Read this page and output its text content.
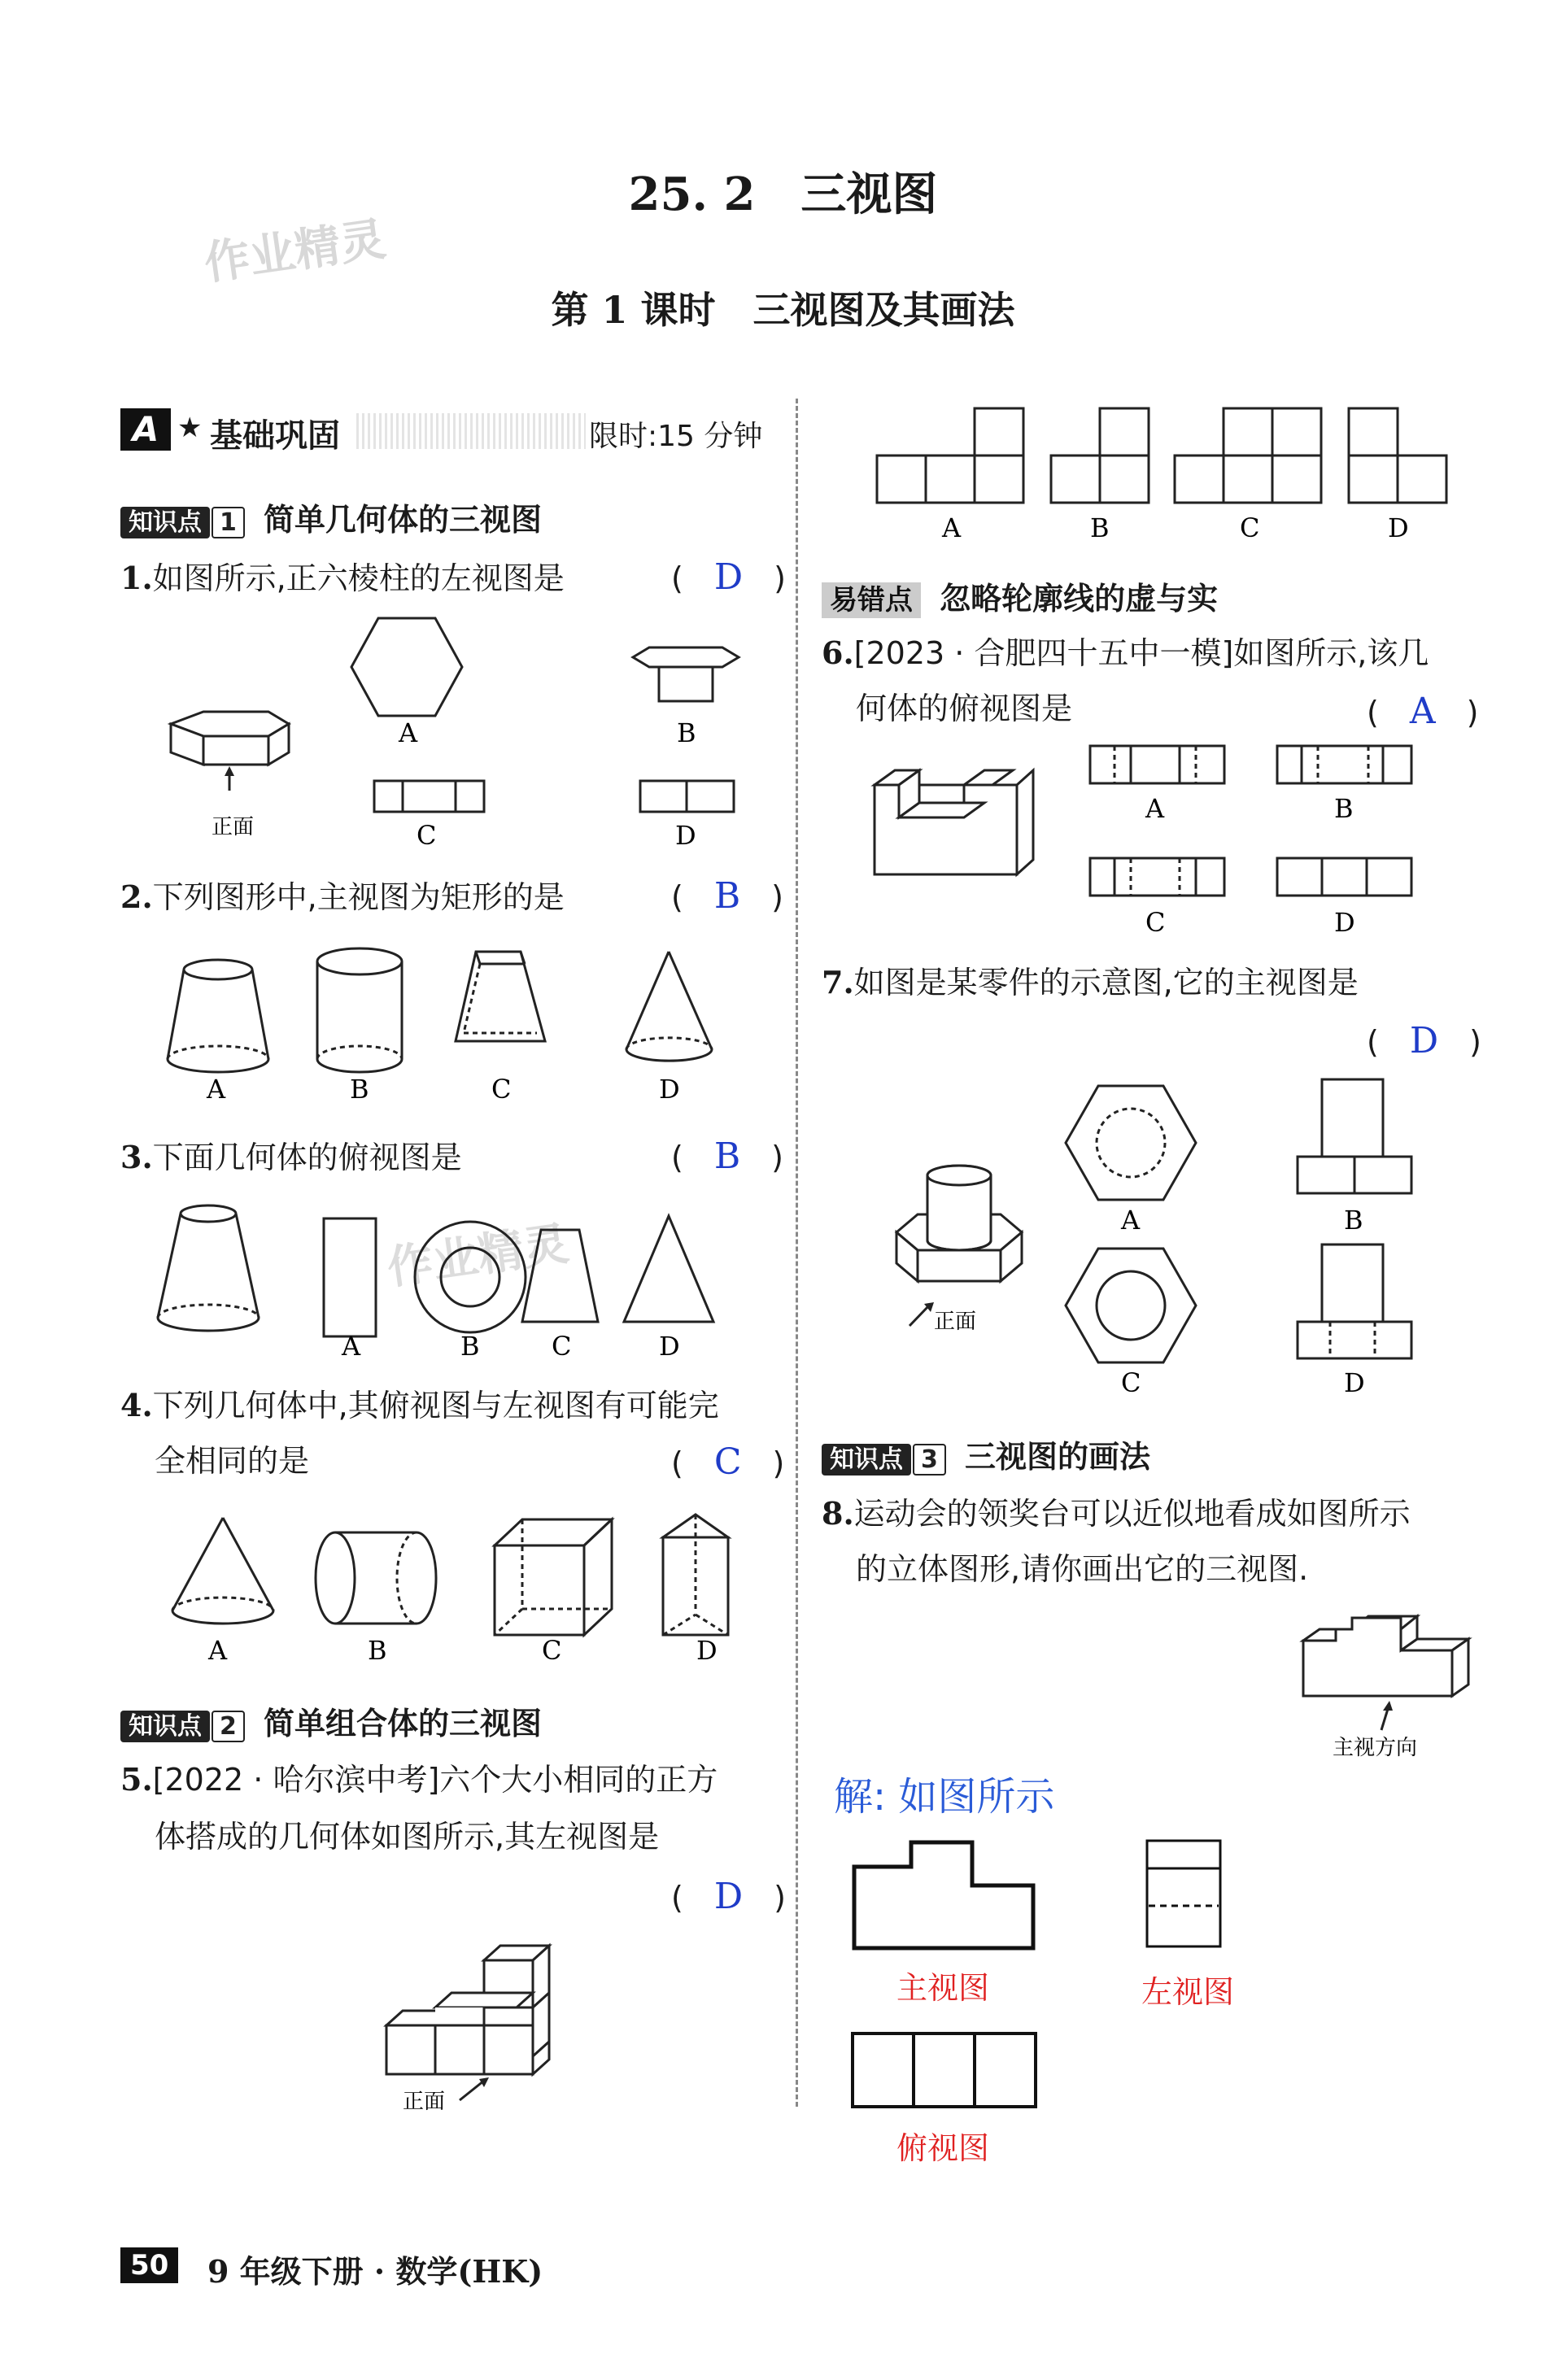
作业精灵
作业精灵
25. 2　三视图
第 1 课时　三视图及其画法
A ★ 基础巩固	限时:15 分钟
知识点 1 简单几何体的三视图
1.如图所示,正六棱柱的左视图是	(　D　)
正面
A	B
C	D
2.下列图形中,主视图为矩形的是	(　B　)
A	B	C	D
3.下面几何体的俯视图是	(　B　)
A	B	C	D
4.下列几何体中,其俯视图与左视图有可能完
全相同的是	(　C　)
A	B	C	D
知识点 2 简单组合体的三视图
5.[2022 · 哈尔滨中考]六个大小相同的正方
体搭成的几何体如图所示,其左视图是
(　D　)
正面
A	B	C	D
易错点 忽略轮廓线的虚与实
6.[2023 · 合肥四十五中一模]如图所示,该几
何体的俯视图是	(　A　)
A	B
C	D
7.如图是某零件的示意图,它的主视图是
(　D　)
正面
A	B
C	D
知识点 3 三视图的画法
8.运动会的领奖台可以近似地看成如图所示
的立体图形,请你画出它的三视图.
主视方向
解: 如图所示
主视图	左视图
俯视图
50	9 年级下册 · 数学(HK)
